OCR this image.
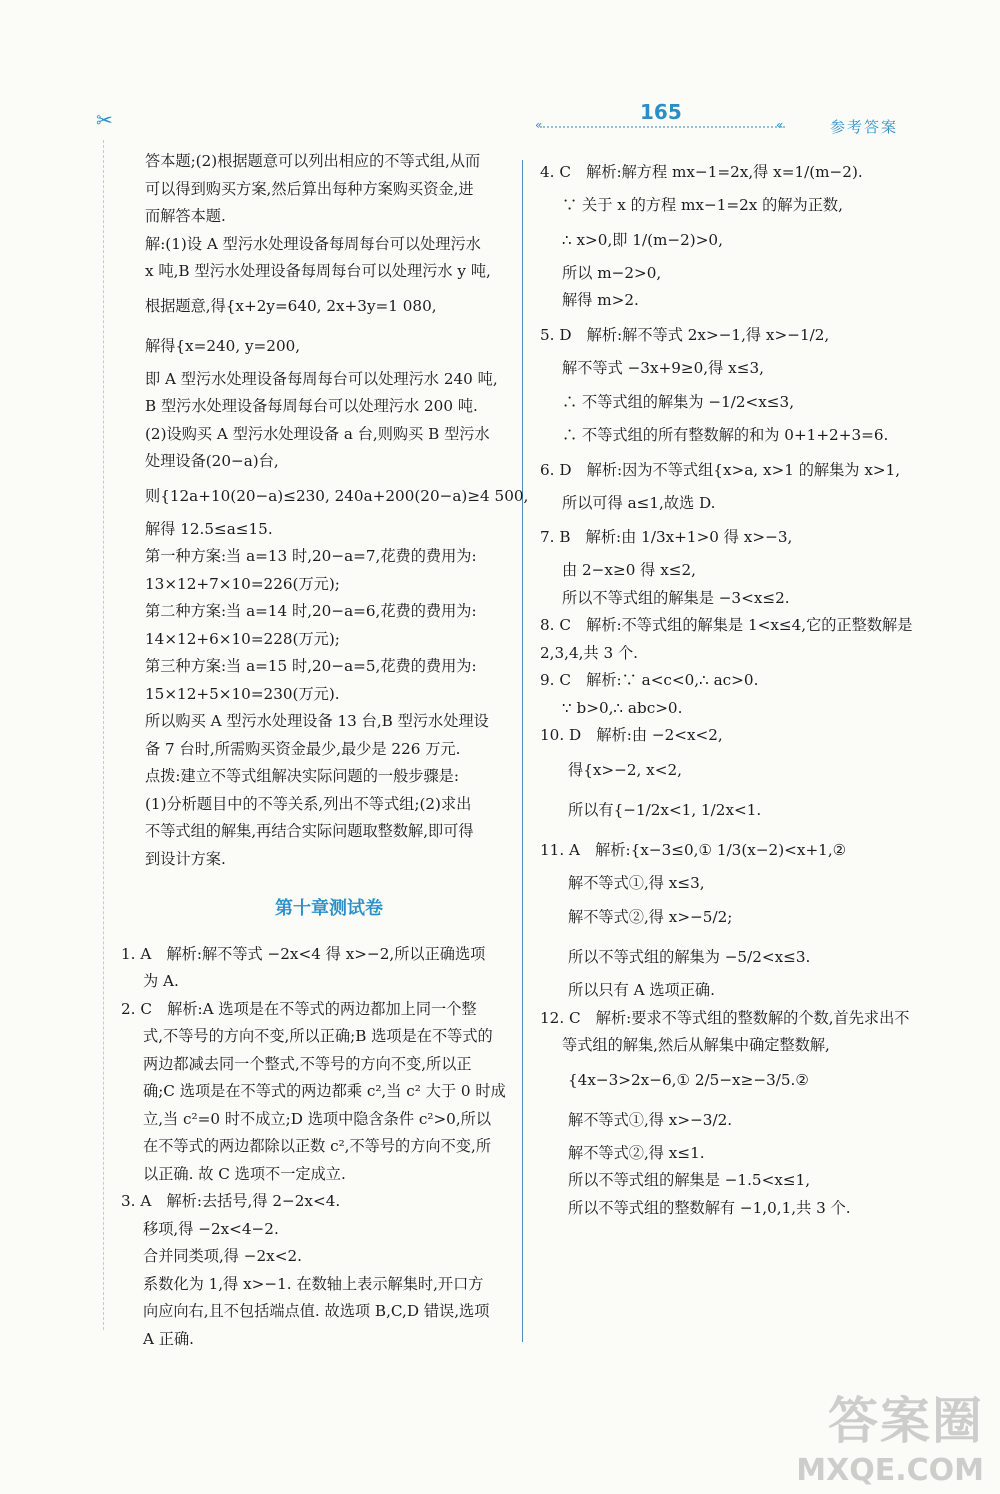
✂	165
«	«	参考答案
答本题;(2)根据题意可以列出相应的不等式组,从而
可以得到购买方案,然后算出每种方案购买资金,进
而解答本题.
解:(1)设 A 型污水处理设备每周每台可以处理污水
x 吨,B 型污水处理设备每周每台可以处理污水 y 吨,
根据题意,得{x+2y=640, 2x+3y=1 080,
解得{x=240, y=200,
即 A 型污水处理设备每周每台可以处理污水 240 吨,
B 型污水处理设备每周每台可以处理污水 200 吨.
(2)设购买 A 型污水处理设备 a 台,则购买 B 型污水
处理设备(20−a)台,
则{12a+10(20−a)≤230, 240a+200(20−a)≥4 500,
解得 12.5≤a≤15.
第一种方案:当 a=13 时,20−a=7,花费的费用为:
13×12+7×10=226(万元);
第二种方案:当 a=14 时,20−a=6,花费的费用为:
14×12+6×10=228(万元);
第三种方案:当 a=15 时,20−a=5,花费的费用为:
15×12+5×10=230(万元).
所以购买 A 型污水处理设备 13 台,B 型污水处理设
备 7 台时,所需购买资金最少,最少是 226 万元.
点拨:建立不等式组解决实际问题的一般步骤是:
(1)分析题目中的不等关系,列出不等式组;(2)求出
不等式组的解集,再结合实际问题取整数解,即可得
到设计方案.
第十章测试卷
1. A　解析:解不等式 −2x<4 得 x>−2,所以正确选项
为 A.
2. C　解析:A 选项是在不等式的两边都加上同一个整
式,不等号的方向不变,所以正确;B 选项是在不等式的
两边都减去同一个整式,不等号的方向不变,所以正
确;C 选项是在不等式的两边都乘 c²,当 c² 大于 0 时成
立,当 c²=0 时不成立;D 选项中隐含条件 c²>0,所以
在不等式的两边都除以正数 c²,不等号的方向不变,所
以正确. 故 C 选项不一定成立.
3. A　解析:去括号,得 2−2x<4.
移项,得 −2x<4−2.
合并同类项,得 −2x<2.
系数化为 1,得 x>−1. 在数轴上表示解集时,开口方
向应向右,且不包括端点值. 故选项 B,C,D 错误,选项
A 正确.
4. C　解析:解方程 mx−1=2x,得 x=1/(m−2).
∵ 关于 x 的方程 mx−1=2x 的解为正数,
∴ x>0,即 1/(m−2)>0,
所以 m−2>0,
解得 m>2.
5. D　解析:解不等式 2x>−1,得 x>−1/2,
解不等式 −3x+9≥0,得 x≤3,
∴ 不等式组的解集为 −1/2<x≤3,
∴ 不等式组的所有整数解的和为 0+1+2+3=6.
6. D　解析:因为不等式组{x>a, x>1 的解集为 x>1,
所以可得 a≤1,故选 D.
7. B　解析:由 1/3x+1>0 得 x>−3,
由 2−x≥0 得 x≤2,
所以不等式组的解集是 −3<x≤2.
8. C　解析:不等式组的解集是 1<x≤4,它的正整数解是
2,3,4,共 3 个.
9. C　解析:∵ a<c<0,∴ ac>0.
∵ b>0,∴ abc>0.
10. D　解析:由 −2<x<2,
得{x>−2, x<2,
所以有{−1/2x<1, 1/2x<1.
11. A　解析:{x−3≤0,① 1/3(x−2)<x+1,②
解不等式①,得 x≤3,
解不等式②,得 x>−5/2;
所以不等式组的解集为 −5/2<x≤3.
所以只有 A 选项正确.
12. C　解析:要求不等式组的整数解的个数,首先求出不
等式组的解集,然后从解集中确定整数解,
{4x−3>2x−6,① 2/5−x≥−3/5.②
解不等式①,得 x>−3/2.
解不等式②,得 x≤1.
所以不等式组的解集是 −1.5<x≤1,
所以不等式组的整数解有 −1,0,1,共 3 个.
答案圈
MXQE.COM
